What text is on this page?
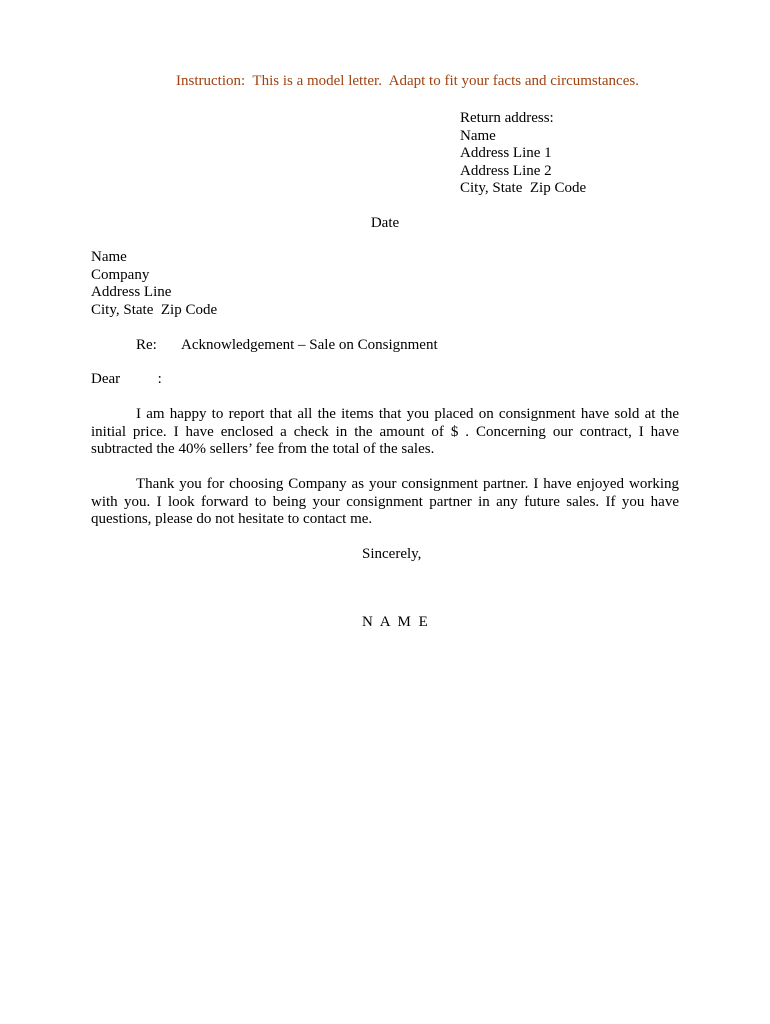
Instruction:  This is a model letter.  Adapt to fit your facts and circumstances.
Return address:
Name
Address Line 1
Address Line 2
City, State  Zip Code
Date
Name
Company
Address Line
City, State  Zip Code
Re: Acknowledgement – Sale on Consignment
Dear          :
I am happy to report that all the items that you placed on consignment have sold at the initial price. I have enclosed a check in the amount of $ . Concerning our contract, I have subtracted the 40% sellers’ fee from the total of the sales.
Thank you for choosing Company as your consignment partner. I have enjoyed working with you. I look forward to being your consignment partner in any future sales. If you have questions, please do not hesitate to contact me.
Sincerely,
N A M E
